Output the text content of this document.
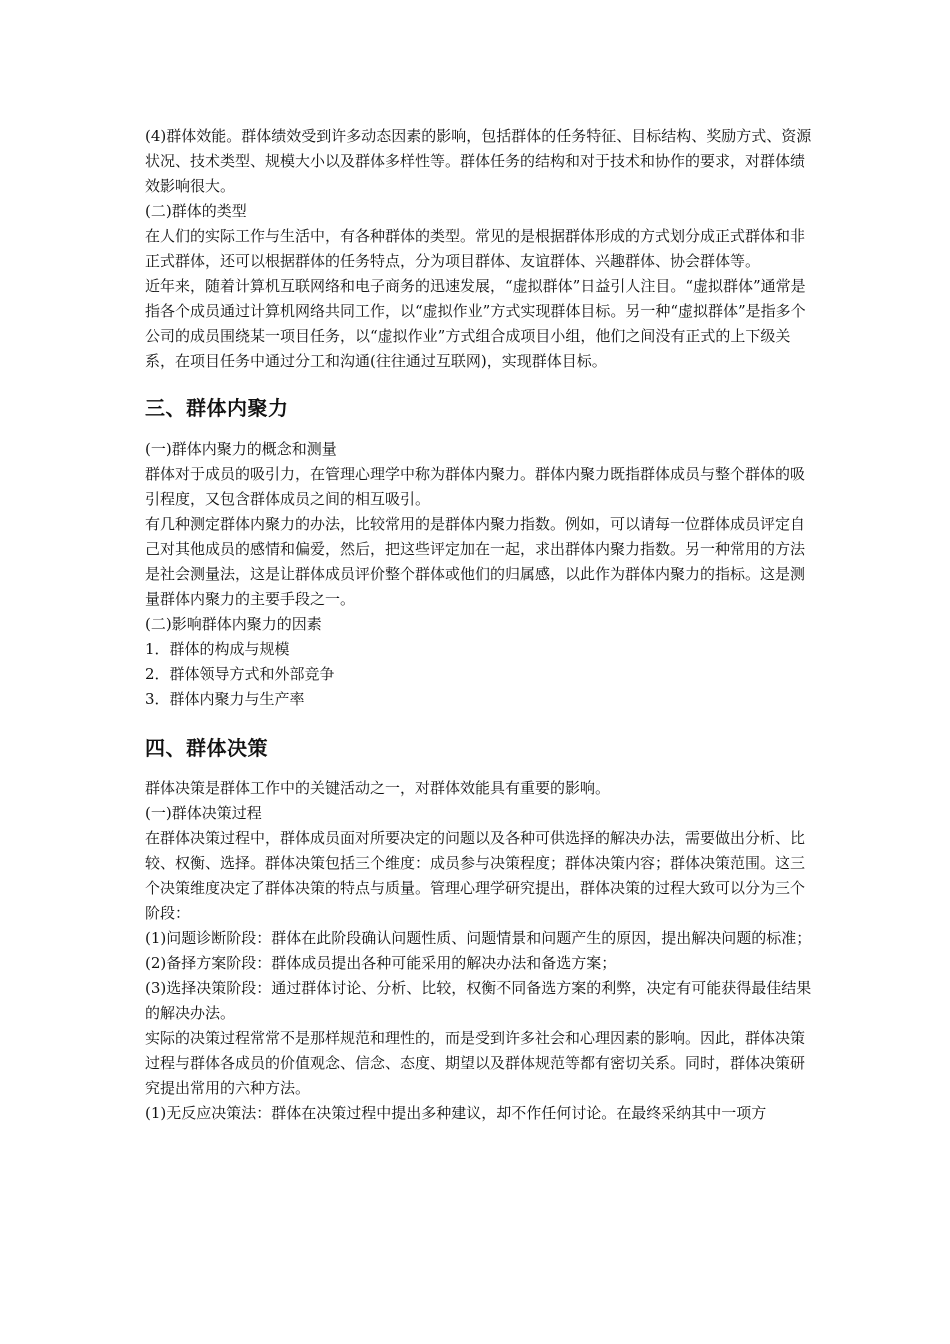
(4)群体效能。群体绩效受到许多动态因素的影响，包括群体的任务特征、目标结构、奖励方式、资源状况、技术类型、规模大小以及群体多样性等。群体任务的结构和对于技术和协作的要求，对群体绩效影响很大。

(二)群体的类型

在人们的实际工作与生活中，有各种群体的类型。常见的是根据群体形成的方式划分成正式群体和非正式群体，还可以根据群体的任务特点，分为项目群体、友谊群体、兴趣群体、协会群体等。

近年来，随着计算机互联网络和电子商务的迅速发展，“虚拟群体”日益引人注目。“虚拟群体”通常是指各个成员通过计算机网络共同工作，以“虚拟作业”方式实现群体目标。另一种“虚拟群体”是指多个公司的成员围绕某一项目任务，以“虚拟作业”方式组合成项目小组，他们之间没有正式的上下级关系，在项目任务中通过分工和沟通(往往通过互联网)，实现群体目标。

三、群体内聚力

(一)群体内聚力的概念和测量

群体对于成员的吸引力，在管理心理学中称为群体内聚力。群体内聚力既指群体成员与整个群体的吸引程度，又包含群体成员之间的相互吸引。

有几种测定群体内聚力的办法，比较常用的是群体内聚力指数。例如，可以请每一位群体成员评定自己对其他成员的感情和偏爱，然后，把这些评定加在一起，求出群体内聚力指数。另一种常用的方法是社会测量法，这是让群体成员评价整个群体或他们的归属感，以此作为群体内聚力的指标。这是测量群体内聚力的主要手段之一。

(二)影响群体内聚力的因素

1．群体的构成与规模

2．群体领导方式和外部竞争

3．群体内聚力与生产率

四、群体决策

群体决策是群体工作中的关键活动之一，对群体效能具有重要的影响。

(一)群体决策过程

在群体决策过程中，群体成员面对所要决定的问题以及各种可供选择的解决办法，需要做出分析、比较、权衡、选择。群体决策包括三个维度：成员参与决策程度；群体决策内容；群体决策范围。这三个决策维度决定了群体决策的特点与质量。管理心理学研究提出，群体决策的过程大致可以分为三个阶段：

(1)问题诊断阶段：群体在此阶段确认问题性质、问题情景和问题产生的原因，提出解决问题的标准；

(2)备择方案阶段：群体成员提出各种可能采用的解决办法和备选方案；

(3)选择决策阶段：通过群体讨论、分析、比较，权衡不同备选方案的利弊，决定有可能获得最佳结果的解决办法。

实际的决策过程常常不是那样规范和理性的，而是受到许多社会和心理因素的影响。因此，群体决策过程与群体各成员的价值观念、信念、态度、期望以及群体规范等都有密切关系。同时，群体决策研究提出常用的六种方法。

(1)无反应决策法：群体在决策过程中提出多种建议，却不作任何讨论。在最终采纳其中一项方
